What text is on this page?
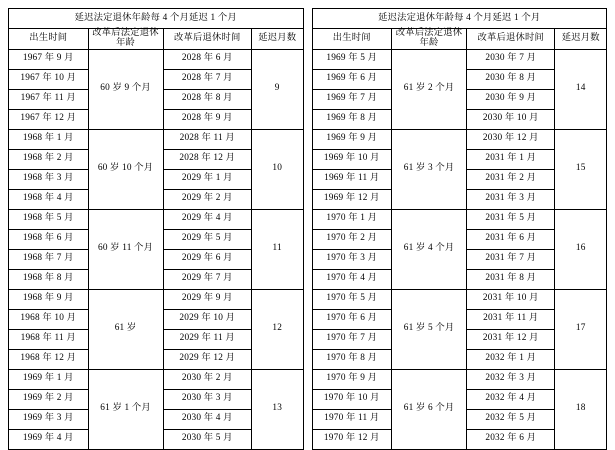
延迟法定退休年龄每 4 个月延迟 1 个月			
出生时间	改革后法定退休年龄	改革后退休时间	延迟月数
1967 年 9 月	60 岁 9 个月	2028 年 6 月	9
1967 年 10 月		2028 年 7 月	
1967 年 11 月		2028 年 8 月	
1967 年 12 月		2028 年 9 月	
1968 年 1 月	60 岁 10 个月	2028 年 11 月	10
1968 年 2 月		2028 年 12 月	
1968 年 3 月		2029 年 1 月	
1968 年 4 月		2029 年 2 月	
1968 年 5 月	60 岁 11 个月	2029 年 4 月	11
1968 年 6 月		2029 年 5 月	
1968 年 7 月		2029 年 6 月	
1968 年 8 月		2029 年 7 月	
1968 年 9 月	61 岁	2029 年 9 月	12
1968 年 10 月		2029 年 10 月	
1968 年 11 月		2029 年 11 月	
1968 年 12 月		2029 年 12 月	
1969 年 1 月	61 岁 1 个月	2030 年 2 月	13
1969 年 2 月		2030 年 3 月	
1969 年 3 月		2030 年 4 月	
1969 年 4 月		2030 年 5 月	
延迟法定退休年龄每 4 个月延迟 1 个月			
出生时间	改革后法定退休年龄	改革后退休时间	延迟月数
1969 年 5 月	61 岁 2 个月	2030 年 7 月	14
1969 年 6 月		2030 年 8 月	
1969 年 7 月		2030 年 9 月	
1969 年 8 月		2030 年 10 月	
1969 年 9 月	61 岁 3 个月	2030 年 12 月	15
1969 年 10 月		2031 年 1 月	
1969 年 11 月		2031 年 2 月	
1969 年 12 月		2031 年 3 月	
1970 年 1 月	61 岁 4 个月	2031 年 5 月	16
1970 年 2 月		2031 年 6 月	
1970 年 3 月		2031 年 7 月	
1970 年 4 月		2031 年 8 月	
1970 年 5 月	61 岁 5 个月	2031 年 10 月	17
1970 年 6 月		2031 年 11 月	
1970 年 7 月		2031 年 12 月	
1970 年 8 月		2032 年 1 月	
1970 年 9 月	61 岁 6 个月	2032 年 3 月	18
1970 年 10 月		2032 年 4 月	
1970 年 11 月		2032 年 5 月	
1970 年 12 月		2032 年 6 月	
